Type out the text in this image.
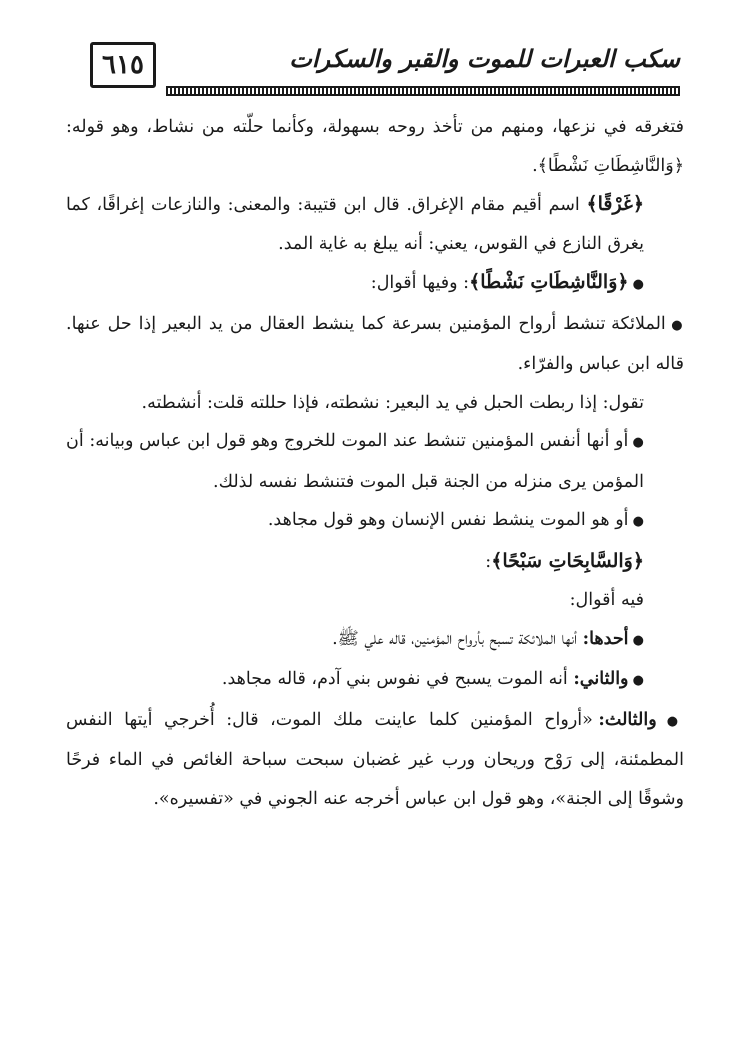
٦١٥	سكب العبرات للموت والقبر والسكرات

فتغرقه في نزعها، ومنهم من تأخذ روحه بسهولة، وكأنما حلّته من نشاط، وهو قوله: ﴿وَالنَّاشِطَاتِ نَشْطًا﴾.

﴿غَرْقًا﴾ اسم أقيم مقام الإغراق. قال ابن قتيبة: والمعنى: والنازعات إغراقًا، كما يغرق النازع في القوس، يعني: أنه يبلغ به غاية المد.

● ﴿وَالنَّاشِطَاتِ نَشْطًا﴾: وفيها أقوال:

● الملائكة تنشط أرواح المؤمنين بسرعة كما ينشط العقال من يد البعير إذا حل عنها. قاله ابن عباس والفرّاء.

تقول: إذا ربطت الحبل في يد البعير: نشطته، فإذا حللته قلت: أنشطته.

● أو أنها أنفس المؤمنين تنشط عند الموت للخروج وهو قول ابن عباس وبيانه: أن المؤمن يرى منزله من الجنة قبل الموت فتنشط نفسه لذلك.

● أو هو الموت ينشط نفس الإنسان وهو قول مجاهد.

﴿وَالسَّابِحَاتِ سَبْحًا﴾:

فيه أقوال:

● أحدها: أنها الملائكة تسبح بأرواح المؤمنين، قاله علي ﷺ.

● والثاني: أنه الموت يسبح في نفوس بني آدم، قاله مجاهد.

● والثالث: «أرواح المؤمنين كلما عاينت ملك الموت، قال: أُخرجي أيتها النفس المطمئنة، إلى رَوْح وريحان ورب غير غضبان سبحت سباحة الغائص في الماء فرحًا وشوقًا إلى الجنة»، وهو قول ابن عباس أخرجه عنه الجوني في «تفسيره».
